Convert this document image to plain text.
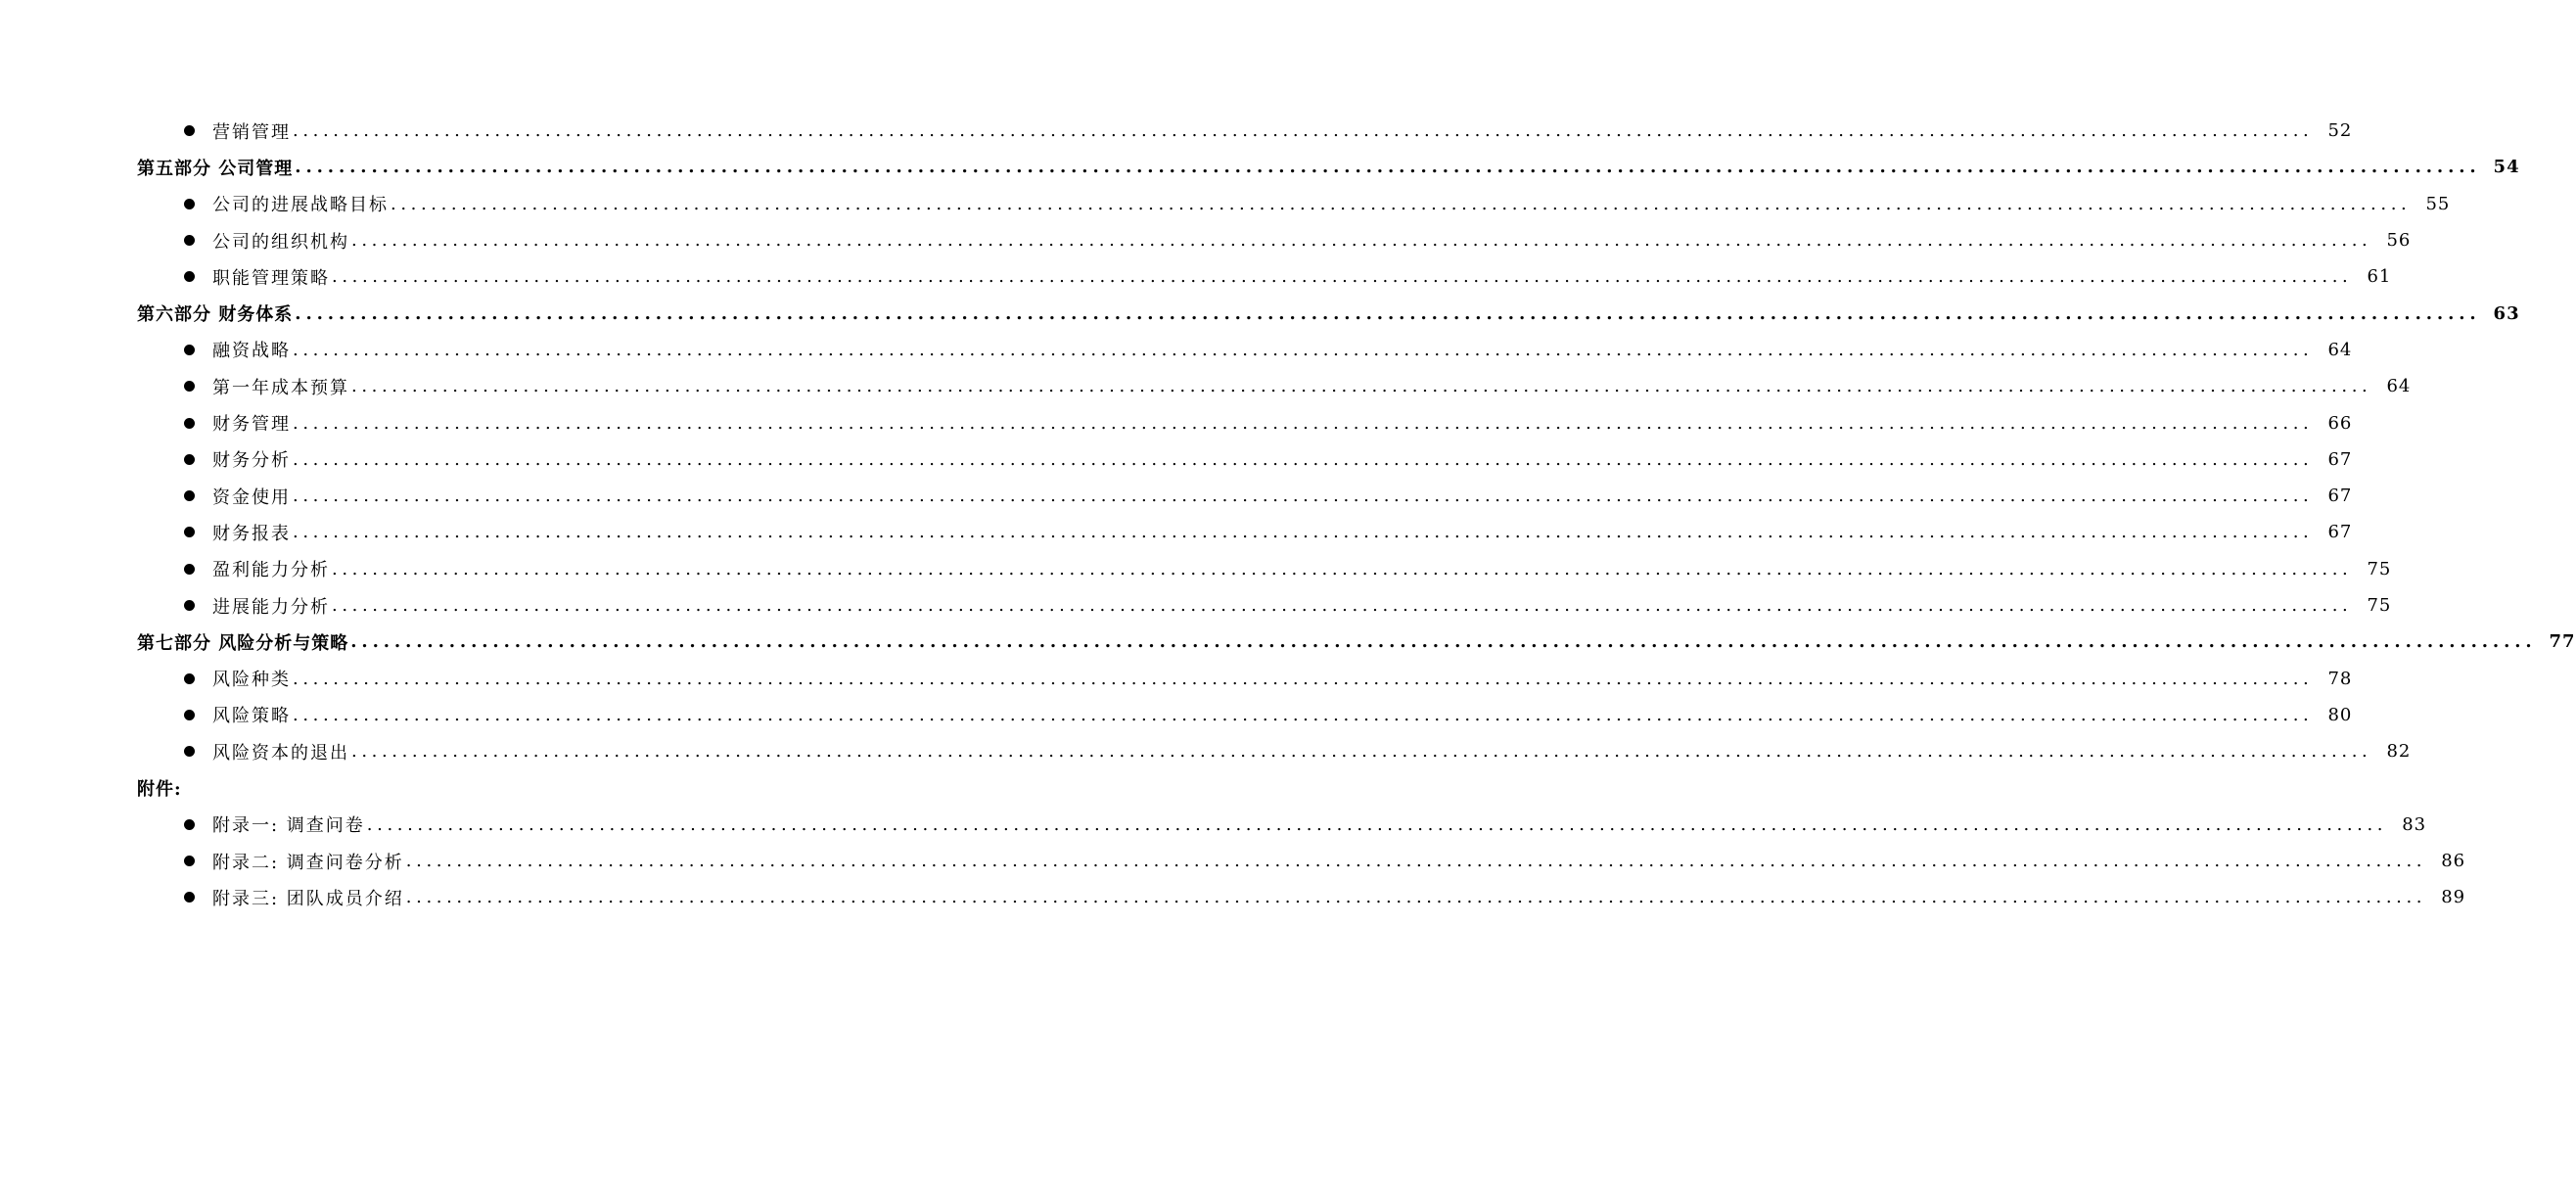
营销管理 ........................................................................................................................................................................................................ 52
第五部分 公司管理 ........................................................................................................................................................................................................ 54
公司的进展战略目标 ........................................................................................................................................................................................................ 55
公司的组织机构 ........................................................................................................................................................................................................ 56
职能管理策略 ........................................................................................................................................................................................................ 61
第六部分 财务体系 ........................................................................................................................................................................................................ 63
融资战略 ........................................................................................................................................................................................................ 64
第一年成本预算 ........................................................................................................................................................................................................ 64
财务管理 ........................................................................................................................................................................................................ 66
财务分析 ........................................................................................................................................................................................................ 67
资金使用 ........................................................................................................................................................................................................ 67
财务报表 ........................................................................................................................................................................................................ 67
盈利能力分析 ........................................................................................................................................................................................................ 75
进展能力分析 ........................................................................................................................................................................................................ 75
第七部分 风险分析与策略 ........................................................................................................................................................................................................ 77
风险种类 ........................................................................................................................................................................................................ 78
风险策略 ........................................................................................................................................................................................................ 80
风险资本的退出 ........................................................................................................................................................................................................ 82
附件:
附录一: 调查问卷 ........................................................................................................................................................................................................ 83
附录二: 调查问卷分析 ........................................................................................................................................................................................................ 86
附录三: 团队成员介绍 ........................................................................................................................................................................................................ 89
